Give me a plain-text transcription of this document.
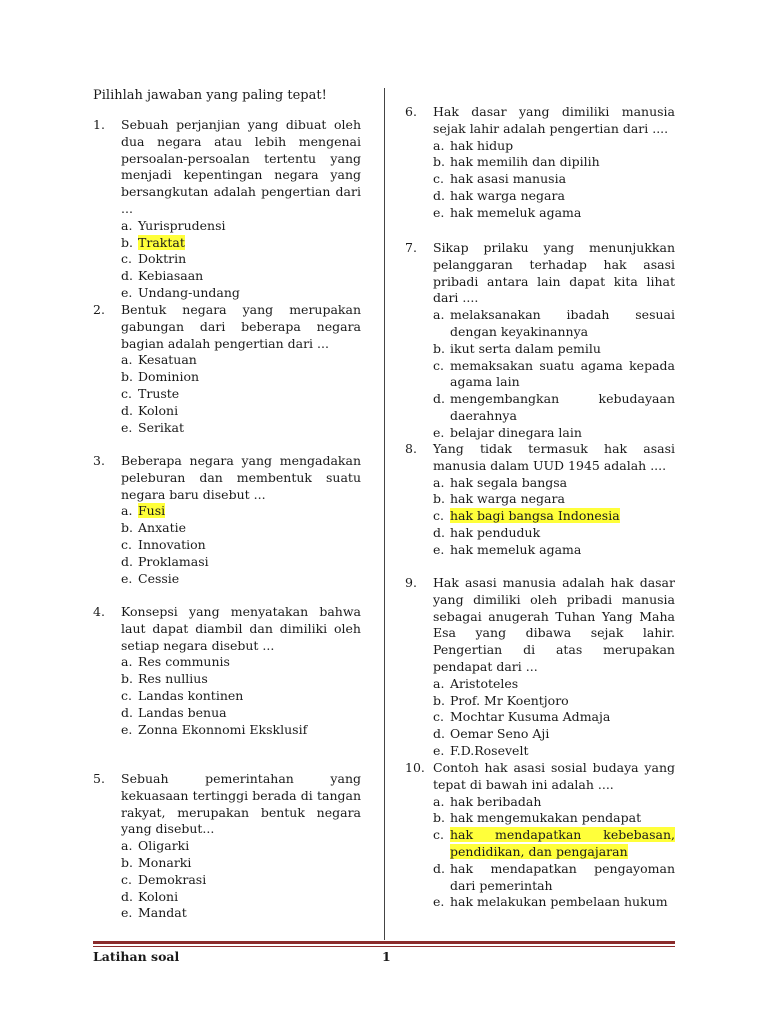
Pilihlah jawaban yang paling tepat!
1. Sebuah perjanjian yang dibuat oleh dua negara atau lebih mengenai persoalan-persoalan tertentu yang menjadi kepentingan negara yang bersangkutan adalah pengertian dari ...
a. Yurisprudensi
b. Traktat
c. Doktrin
d. Kebiasaan
e. Undang-undang
2. Bentuk negara yang merupakan gabungan dari beberapa negara bagian adalah pengertian dari ...
a. Kesatuan
b. Dominion
c. Truste
d. Koloni
e. Serikat
3. Beberapa negara yang mengadakan peleburan dan membentuk suatu negara baru disebut ...
a. Fusi
b. Anxatie
c. Innovation
d. Proklamasi
e. Cessie
4. Konsepsi yang menyatakan bahwa laut dapat diambil dan dimiliki oleh setiap negara disebut ...
a. Res communis
b. Res nullius
c. Landas kontinen
d. Landas benua
e. Zonna Ekonnomi Eksklusif
5. Sebuah pemerintahan yang kekuasaan tertinggi berada di tangan rakyat, merupakan bentuk negara yang disebut...
a. Oligarki
b. Monarki
c. Demokrasi
d. Koloni
e. Mandat
6. Hak dasar yang dimiliki manusia sejak lahir adalah pengertian dari ....
a. hak hidup
b. hak memilih dan dipilih
c. hak asasi manusia
d. hak warga negara
e. hak memeluk agama
7. Sikap prilaku yang menunjukkan pelanggaran terhadap hak asasi pribadi antara lain dapat kita lihat dari ....
a. melaksanakan ibadah sesuai dengan keyakinannya
b. ikut serta dalam pemilu
c. memaksakan suatu agama kepada agama lain
d. mengembangkan kebudayaan daerahnya
e. belajar dinegara lain
8. Yang tidak termasuk hak asasi manusia dalam UUD 1945 adalah ....
a. hak segala bangsa
b. hak warga negara
c. hak bagi bangsa Indonesia
d. hak penduduk
e. hak memeluk agama
9. Hak asasi manusia adalah hak dasar yang dimiliki oleh pribadi manusia sebagai anugerah Tuhan Yang Maha Esa yang dibawa sejak lahir. Pengertian di atas merupakan pendapat dari ...
a. Aristoteles
b. Prof. Mr Koentjoro
c. Mochtar Kusuma Admaja
d. Oemar Seno Aji
e. F.D.Rosevelt
10. Contoh hak asasi sosial budaya yang tepat di bawah ini adalah ....
a. hak beribadah
b. hak mengemukakan pendapat
c. hak mendapatkan kebebasan, pendidikan, dan pengajaran
d. hak mendapatkan pengayoman dari pemerintah
e. hak melakukan pembelaan hukum
Latihan soal	1
